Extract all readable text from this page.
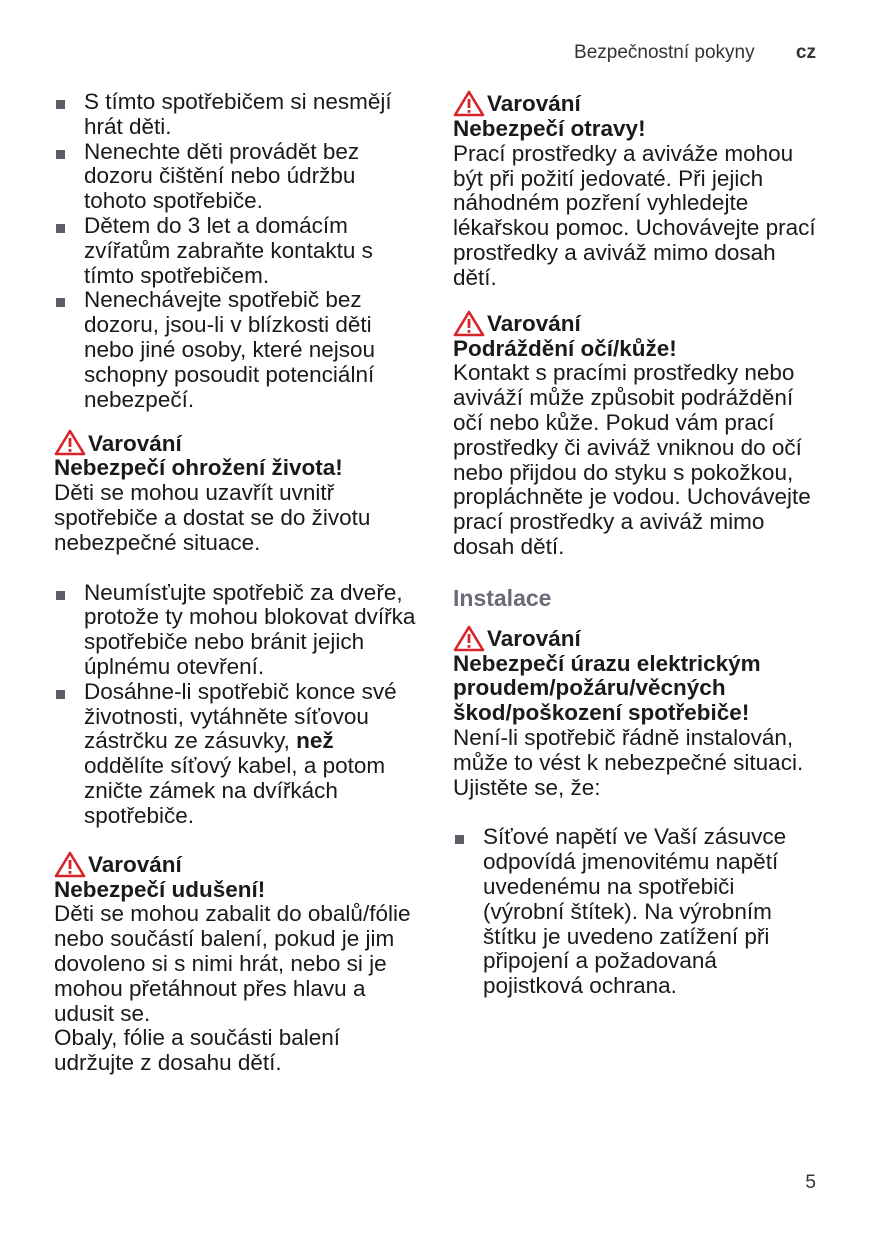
Bezpečnostní pokyny cz
S tímto spotřebičem si nesmějí hrát děti.
Nenechte děti provádět bez dozoru čištění nebo údržbu tohoto spotřebiče.
Dětem do 3 let a domácím zvířatům zabraňte kontaktu s tímto spotřebičem.
Nenechávejte spotřebič bez dozoru, jsou-li v blízkosti děti nebo jiné osoby, které nejsou schopny posoudit potenciální nebezpečí.
Varování
Nebezpečí ohrožení života!
Děti se mohou uzavřít uvnitř spotřebiče a dostat se do životu nebezpečné situace.
Neumísťujte spotřebič za dveře, protože ty mohou blokovat dvířka spotřebiče nebo bránit jejich úplnému otevření.
Dosáhne-li spotřebič konce své životnosti, vytáhněte síťovou zástrčku ze zásuvky, než oddělíte síťový kabel, a potom zničte zámek na dvířkách spotřebiče.
Varování
Nebezpečí udušení!
Děti se mohou zabalit do obalů/fólie nebo součástí balení, pokud je jim dovoleno si s nimi hrát, nebo si je mohou přetáhnout přes hlavu a udusit se.
Obaly, fólie a součásti balení udržujte z dosahu dětí.
Varování
Nebezpečí otravy!
Prací prostředky a aviváže mohou být při požití jedovaté. Při jejich náhodném pozření vyhledejte lékařskou pomoc. Uchovávejte prací prostředky a aviváž mimo dosah dětí.
Varování
Podráždění očí/kůže!
Kontakt s pracími prostředky nebo aviváží může způsobit podráždění očí nebo kůže. Pokud vám prací prostředky či aviváž vniknou do očí nebo přijdou do styku s pokožkou, propláchněte je vodou. Uchovávejte prací prostředky a aviváž mimo dosah dětí.
Instalace
Varování
Nebezpečí úrazu elektrickým proudem/požáru/věcných škod/poškození spotřebiče!
Není-li spotřebič řádně instalován, může to vést k nebezpečné situaci. Ujistěte se, že:
Síťové napětí ve Vaší zásuvce odpovídá jmenovitému napětí uvedenému na spotřebiči (výrobní štítek). Na výrobním štítku je uvedeno zatížení při připojení a požadovaná pojistková ochrana.
5
